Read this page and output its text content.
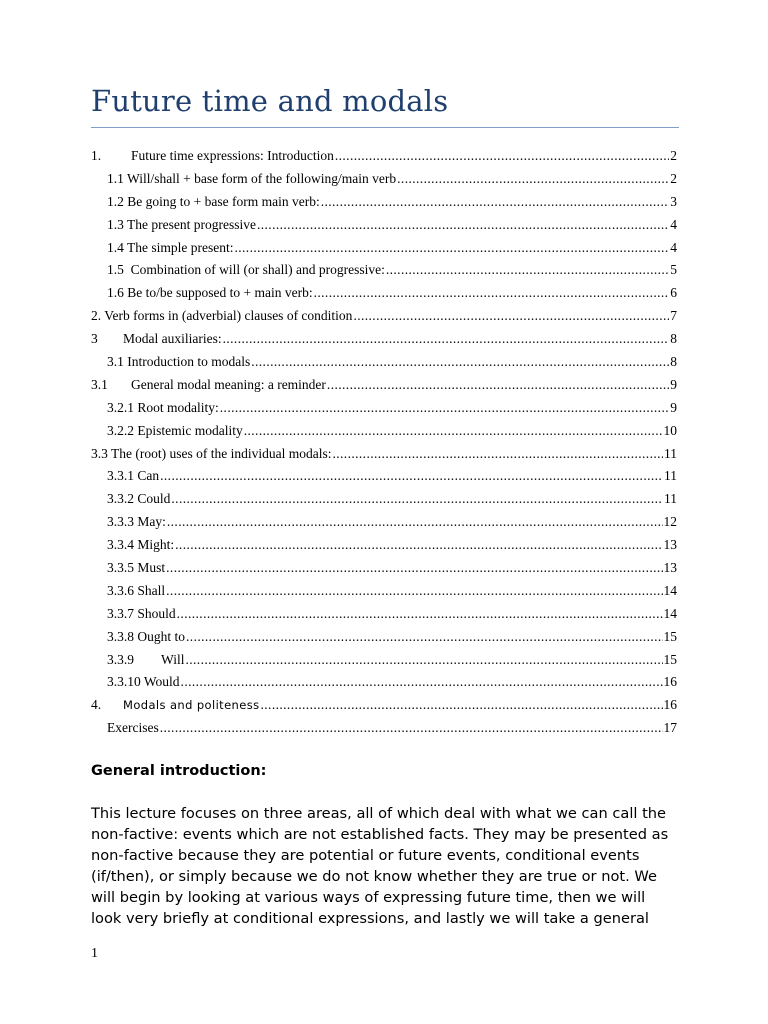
Future time and modals
1.	Future time expressions: Introduction .....	2
1.1 Will/shall + base form of the following/main verb .....	2
1.2 Be going to + base form main verb: .....	3
1.3 The present progressive .....	4
1.4 The simple present: .....	4
1.5  Combination of will (or shall) and progressive: .....	5
1.6 Be to/be supposed to + main verb: .....	6
2. Verb forms in (adverbial) clauses of condition .....	7
3	Modal auxiliaries: .....	8
3.1 Introduction to modals .....	8
3.1	General modal meaning: a reminder .....	9
3.2.1 Root modality: .....	9
3.2.2 Epistemic modality .....	10
3.3 The (root) uses of the individual modals: .....	11
3.3.1 Can .....	11
3.3.2 Could .....	11
3.3.3 May: .....	12
3.3.4 Might: .....	13
3.3.5 Must .....	13
3.3.6 Shall .....	14
3.3.7 Should .....	14
3.3.8 Ought to .....	15
3.3.9	Will .....	15
3.3.10 Would .....	16
4.	Modals and politeness .....	16
Exercises .....	17
General introduction:
This lecture focuses on three areas, all of which deal with what we can call the
non-factive: events which are not established facts. They may be presented as
non-factive because they are potential or future events, conditional events
(if/then), or simply because we do not know whether they are true or not. We
will begin by looking at various ways of expressing future time, then we will
look very briefly at conditional expressions, and lastly we will take a general
1
